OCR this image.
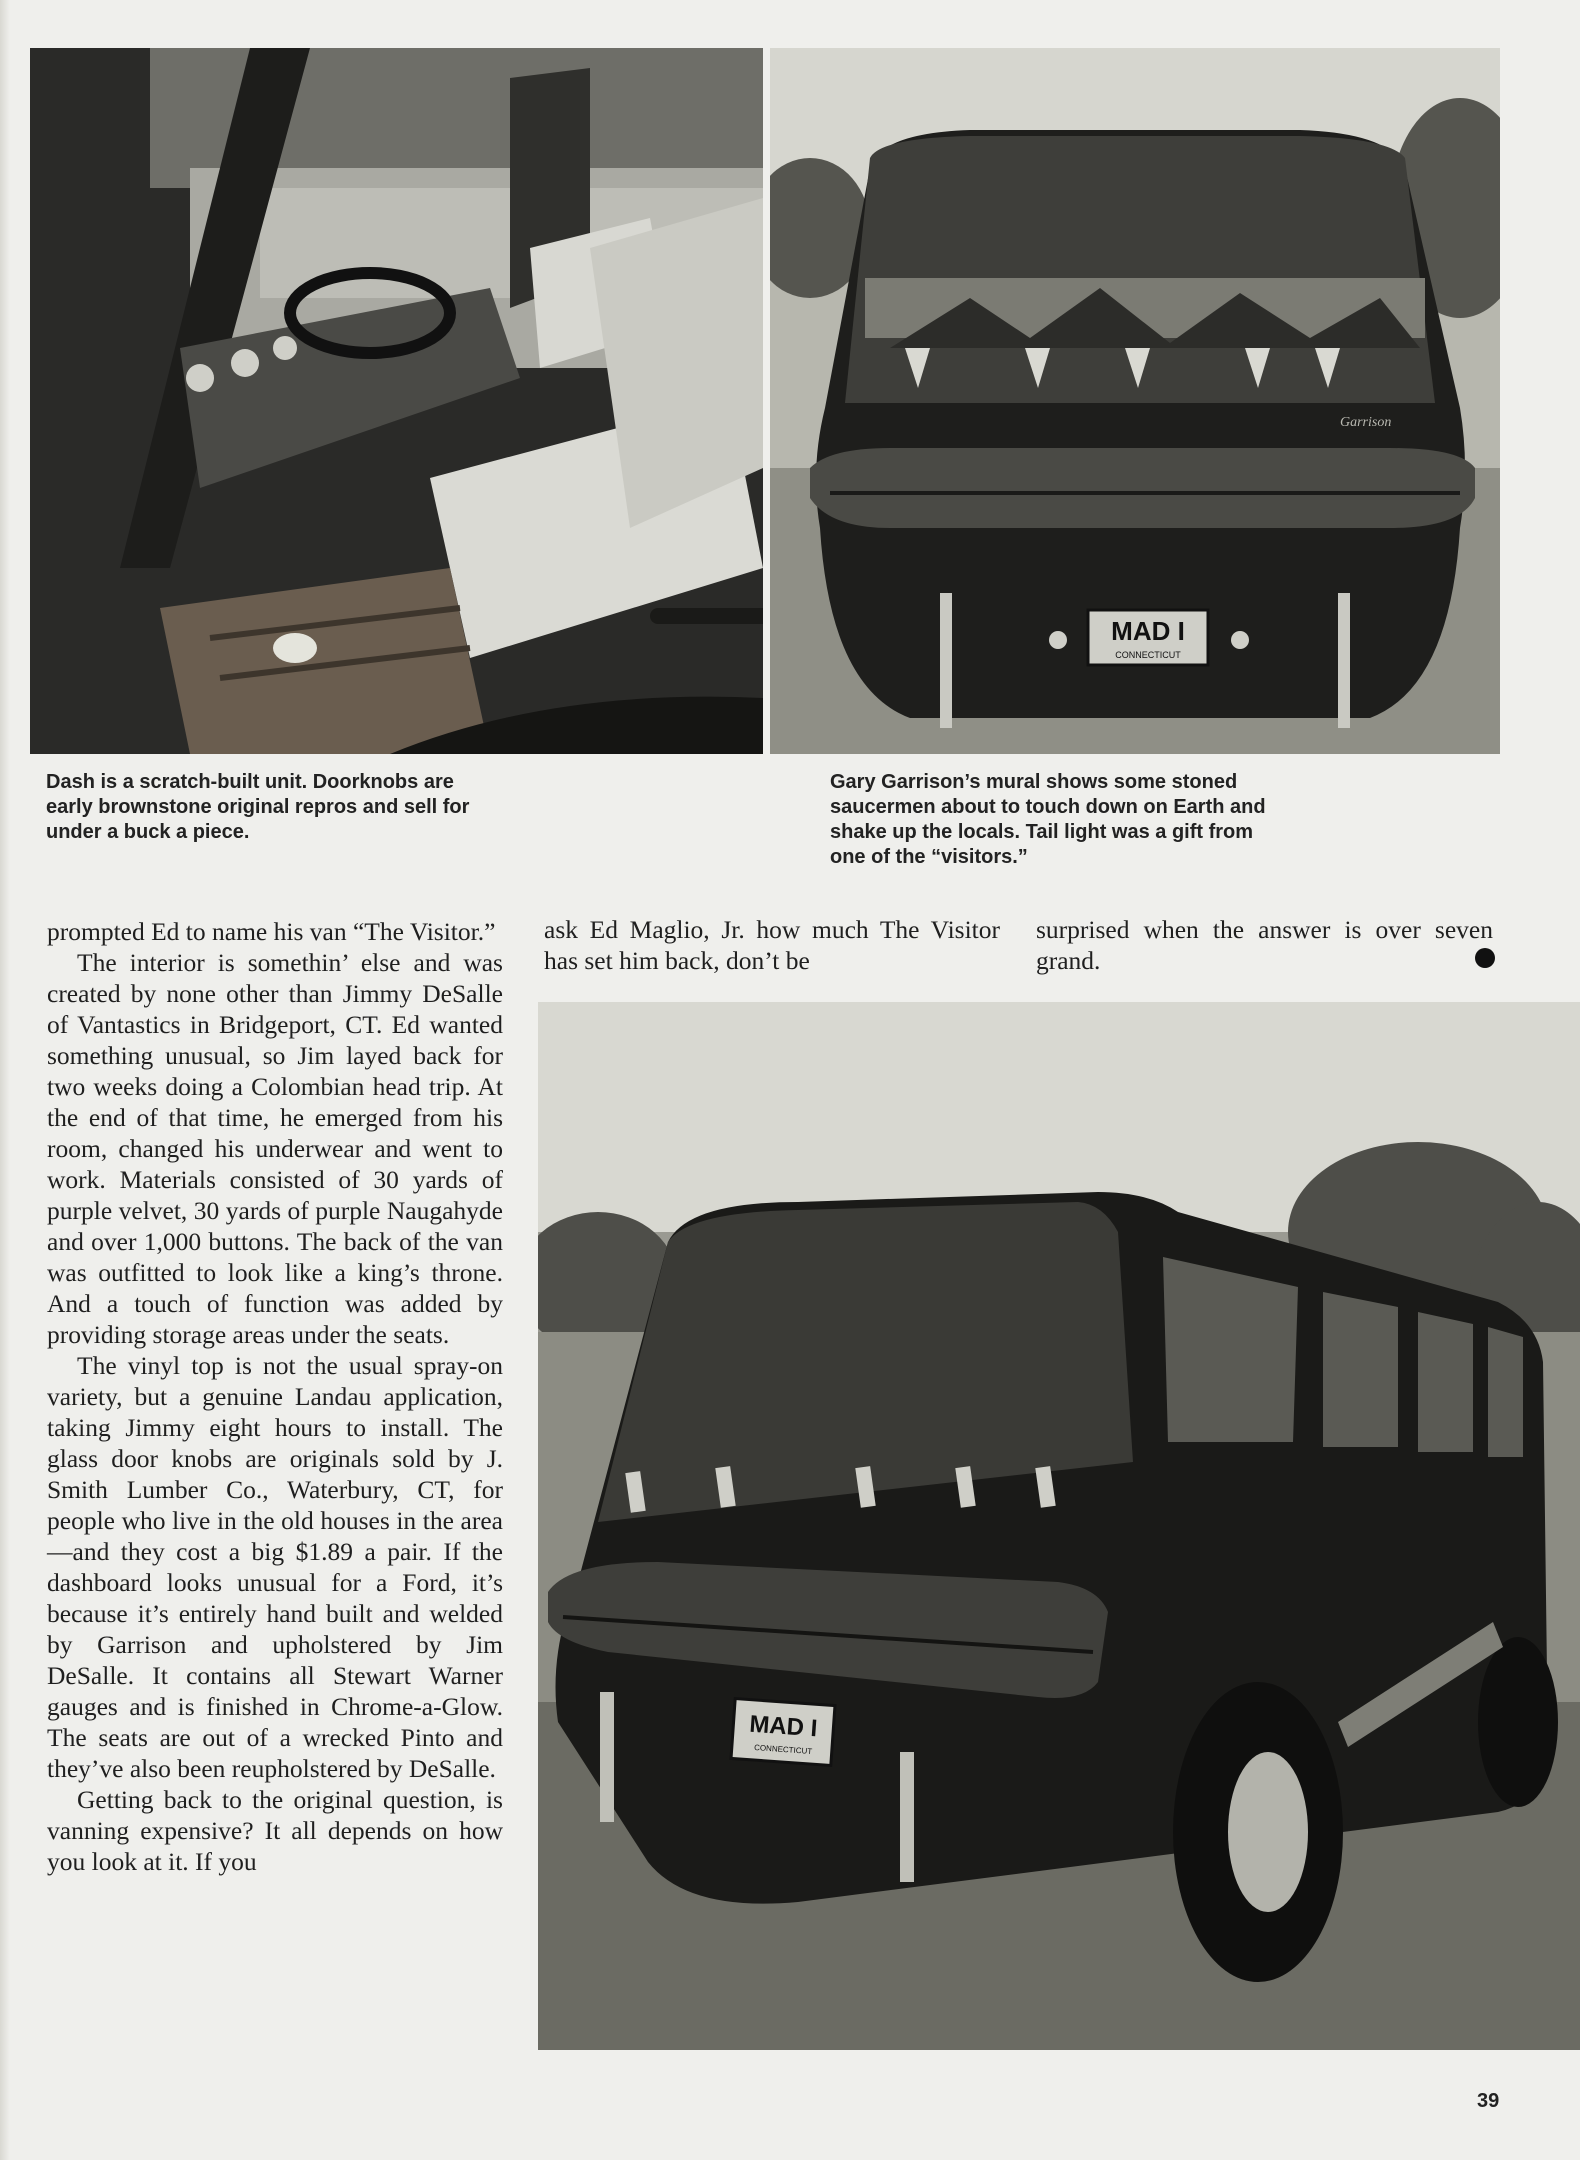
MAD I
CONNECTICUT
Garrison

Dash is a scratch-built unit. Doorknobs are early brownstone original repros and sell for under a buck a piece.

Gary Garrison’s mural shows some stoned saucermen about to touch down on Earth and shake up the locals. Tail light was a gift from one of the “visitors.”

prompted Ed to name his van “The Visitor.”

The interior is somethin’ else and was created by none other than Jimmy DeSalle of Vantastics in Bridgeport, CT. Ed wanted something unusual, so Jim layed back for two weeks doing a Colombian head trip. At the end of that time, he emerged from his room, changed his underwear and went to work. Materials consisted of 30 yards of purple velvet, 30 yards of purple Naugahyde and over 1,000 buttons. The back of the van was outfitted to look like a king’s throne. And a touch of function was added by providing storage areas under the seats.

The vinyl top is not the usual spray-on variety, but a genuine Landau application, taking Jimmy eight hours to install. The glass door knobs are originals sold by J. Smith Lumber Co., Waterbury, CT, for people who live in the old houses in the area—and they cost a big $1.89 a pair. If the dashboard looks unusual for a Ford, it’s because it’s entirely hand built and welded by Garrison and upholstered by Jim DeSalle. It contains all Stewart Warner gauges and is finished in Chrome-a-Glow. The seats are out of a wrecked Pinto and they’ve also been reupholstered by DeSalle.

Getting back to the original question, is vanning expensive? It all depends on how you look at it. If you

ask Ed Maglio, Jr. how much The Visitor has set him back, don’t be

surprised when the answer is over seven grand.

MAD I
CONNECTICUT
39
